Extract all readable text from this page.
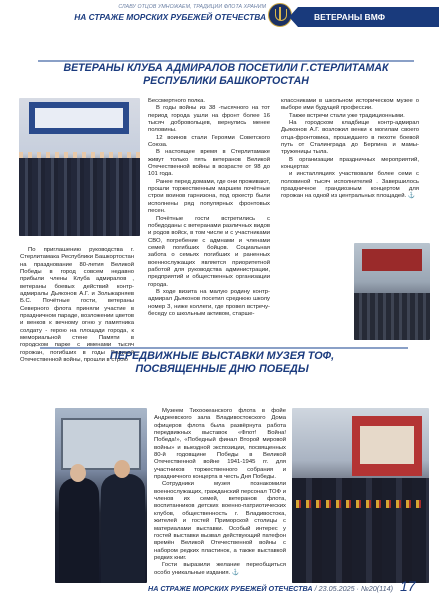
СЛАВУ ОТЦОВ УМНОЖАЕМ, ТРАДИЦИИ ФЛОТА ХРАНИМ
НА СТРАЖЕ МОРСКИХ РУБЕЖЕЙ ОТЕЧЕСТВА	ВЕТЕРАНЫ ВМФ
ВЕТЕРАНЫ КЛУБА АДМИРАЛОВ ПОСЕТИЛИ Г.СТЕРЛИТАМАК РЕСПУБЛИКИ БАШКОРТОСТАН

По приглашению руководства г. Стерлитамака Республики Башкортостан на празднование 80-летия Великой Победы в город совсем недавно прибыли члены Клуба адмиралов , ветераны боевых действий контр-адмиралы Дьяконов А.Г. и Зольжарняев Б.С. Почётные гости, ветераны Северного флота приняли участие в праздничном параде, возложении цветов и венков к вечному огню у памятника солдату - герою на площади города, к мемориальной стене Памяти в городском парке с именами тысяч горожан, погибших в годы Великой Отечественной войны, прошли в строю

Бессмертного полка.

В годы войны из 38 -тысячного на тот период города ушли на фронт более 16 тысяч добровольцев, вернулись менее половины.

12 воинов стали Героями Советского Союза.

В настоящее время в Стерлитамаке живут только пять ветеранов Великой Отечественной войны в возрасте от 98 до 101 года.

Ранее перед домами, где они проживают, прошли торжественным маршем почётные строи воинов гарнизона, под оркестр были исполнены ряд популярных фронтовых песен.

Почётные гости встретились с победоданы с ветеранами различных видов и родов войск, в том числе и с участниками СВО, погребение с адмнами и членами семей погибших бойцов. Социальная забота о семьях погибших и раненных военнослужащих является приоритетной работой для руководства администрации, предприятий и общественных организации города.

В ходе визита на малую родину контр-адмирал Дьяконов посетил среднюю школу номер 3, ниже коллеги, где провел встречу-беседу со школьным активом, старше-

классниками в школьном историческом музее о выборе ими будущей профессии.

Также встречи стали уже традиционными.

На городском кладбище контр-адмирал Дьяконов А.Г. возложил венки к могилам своего отца-фронтовика, прошедшего в пехоте боевой путь от Сталинграда до Берлина и мамы-труженицы тыла.

В организации праздничных мероприятий, концертах

и инсталляциях участвовали более семи с половиной тысяч исполнителей . Завершилось праздничное грандиозным концертом для горожан на одной из центральных площадей. ⚓

ПЕРЕДВИЖНЫЕ ВЫСТАВКИ МУЗЕЯ ТОФ, ПОСВЯЩЕННЫЕ ДНЮ ПОБЕДЫ

Музеем Тихоокеанского флота в фойе Андреевского зала Владивостокского Дома офицеров флота была развёрнута работа передвижных выставок «Флот! Война! Победа!», «Победный финал Второй мировой войны» и выездной экспозиции, посвященных 80-й годовщине Победы в Великой Отечественной войне 1941-1945 гг. для участников торжественного собрания и праздничного концерта в честь Дня Победы.

Сотрудники музея познакомили военнослужащих, гражданский персонал ТОФ и членов их семей, ветеранов флота, воспитанников детских военно-патриотических клубов, общественность г. Владивостока, жителей и гостей Приморской столицы с материалами выставки. Особый интерес у гостей выставки вызвал действующий патефон времён Великой Отечественной войны с набором редких пластинок, а также выставкой редких книг.

Гости выразили желание переобщиться особо уникальные издания. ⚓

НА СТРАЖЕ МОРСКИХ РУБЕЖЕЙ ОТЕЧЕСТВА / 23.05.2025 · №20(114) 17
